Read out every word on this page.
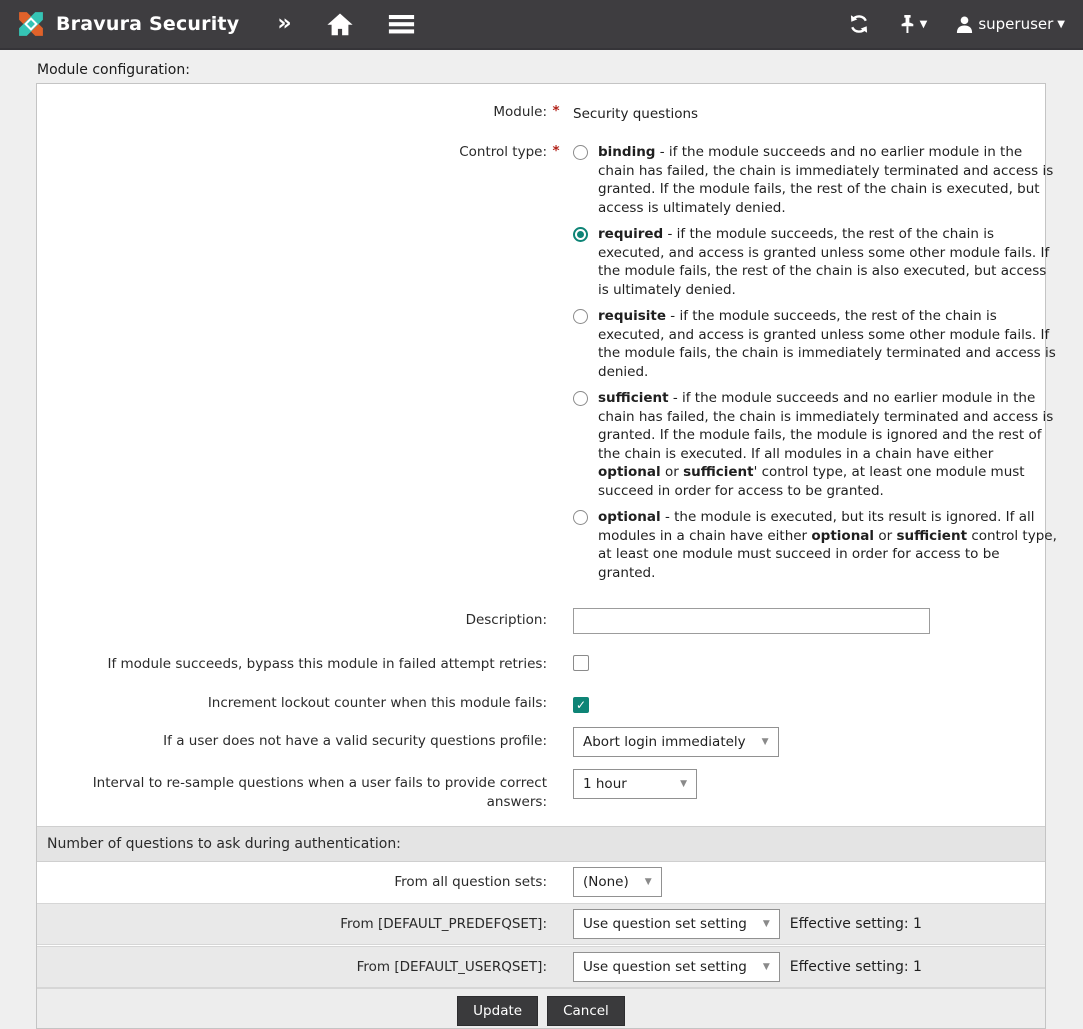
Bravura Security »	▼	superuser ▼
Module configuration:
Module: * Security questions
Control type: *	binding - if the module succeeds and no earlier module in the chain has failed, the chain is immediately terminated and access is granted. If the module fails, the rest of the chain is executed, but access is ultimately denied.
required - if the module succeeds, the rest of the chain is executed, and access is granted unless some other module fails. If the module fails, the rest of the chain is also executed, but access is ultimately denied.
requisite - if the module succeeds, the rest of the chain is executed, and access is granted unless some other module fails. If the module fails, the chain is immediately terminated and access is denied.
sufficient - if the module succeeds and no earlier module in the chain has failed, the chain is immediately terminated and access is granted. If the module fails, the module is ignored and the rest of the chain is executed. If all modules in a chain have either optional or sufficient' control type, at least one module must succeed in order for access to be granted.
optional - the module is executed, but its result is ignored. If all modules in a chain have either optional or sufficient control type, at least one module must succeed in order for access to be granted.
Description:
If module succeeds, bypass this module in failed attempt retries:
Increment lockout counter when this module fails: ✓
If a user does not have a valid security questions profile:	Abort login immediately ▼
Interval to re-sample questions when a user fails to provide correct answers:
1 hour	▼
Number of questions to ask during authentication:
From all question sets:	(None) ▼
From [DEFAULT_PREDEFQSET]:	Use question set setting ▼ Effective setting: 1
From [DEFAULT_USERQSET]:	Use question set setting ▼ Effective setting: 1
Update	Cancel
